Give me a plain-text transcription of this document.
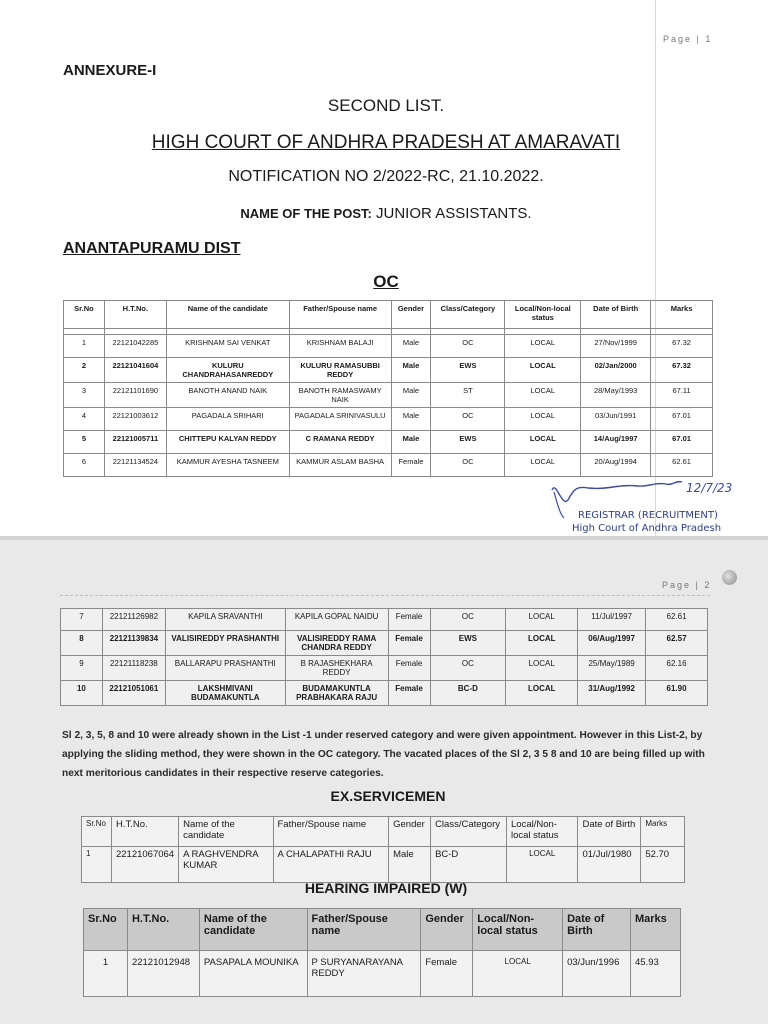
Page | 1
ANNEXURE-I
SECOND LIST.
HIGH COURT OF ANDHRA PRADESH AT AMARAVATI
NOTIFICATION NO 2/2022-RC, 21.10.2022.
NAME OF THE POST: JUNIOR ASSISTANTS.
ANANTAPURAMU DIST
OC
Sr.No	H.T.No.	Name of the candidate	Father/Spouse name	Gender	Class/Category	Local/Non-local status	Date of Birth	Marks

1	22121042285	KRISHNAM SAI VENKAT	KRISHNAM BALAJI	Male	OC	LOCAL	27/Nov/1999	67.32
2	22121041604	KULURU CHANDRAHASANREDDY	KULURU RAMASUBBI REDDY	Male	EWS	LOCAL	02/Jan/2000	67.32
3	22121101690	BANOTH ANAND NAIK	BANOTH RAMASWAMY NAIK	Male	ST	LOCAL	28/May/1993	67.11
4	22121003612	PAGADALA SRIHARI	PAGADALA SRINIVASULU	Male	OC	LOCAL	03/Jun/1991	67.01
5	22121005711	CHITTEPU KALYAN REDDY	C RAMANA REDDY	Male	EWS	LOCAL	14/Aug/1997	67.01
6	22121134524	KAMMUR AYESHA TASNEEM	KAMMUR ASLAM BASHA	Female	OC	LOCAL	20/Aug/1994	62.61
12/7/23
REGISTRAR (RECRUITMENT)
High Court of Andhra Pradesh
Page | 2
7	22121126982	KAPILA SRAVANTHI	KAPILA GOPAL NAIDU	Female	OC	LOCAL	11/Jul/1997	62.61
8	22121139834	VALISIREDDY PRASHANTHI	VALISIREDDY RAMA CHANDRA REDDY	Female	EWS	LOCAL	06/Aug/1997	62.57
9	22121118238	BALLARAPU PRASHANTHI	B RAJASHEKHARA REDDY	Female	OC	LOCAL	25/May/1989	62.16
10	22121051061	LAKSHMIVANI BUDAMAKUNTLA	BUDAMAKUNTLA PRABHAKARA RAJU	Female	BC-D	LOCAL	31/Aug/1992	61.90
Sl 2, 3, 5, 8 and 10 were already shown in the List -1 under reserved category and were given appointment. However in this List-2, by applying the sliding method, they were shown in the OC category. The vacated places of the Sl 2, 3 5 8 and 10 are being filled up with next meritorious candidates in their respective reserve categories.
EX.SERVICEMEN
Sr.No	H.T.No.	Name of the candidate	Father/Spouse name	Gender	Class/Category	Local/Non-local status	Date of Birth	Marks
1	22121067064	A RAGHVENDRA KUMAR	A CHALAPATHI RAJU	Male	BC-D	LOCAL	01/Jul/1980	52.70
HEARING IMPAIRED (W)
Sr.No	H.T.No.	Name of the candidate	Father/Spouse name	Gender	Local/Non-local status	Date of Birth	Marks
1	22121012948	PASAPALA MOUNIKA	P SURYANARAYANA REDDY	Female	LOCAL	03/Jun/1996	45.93
